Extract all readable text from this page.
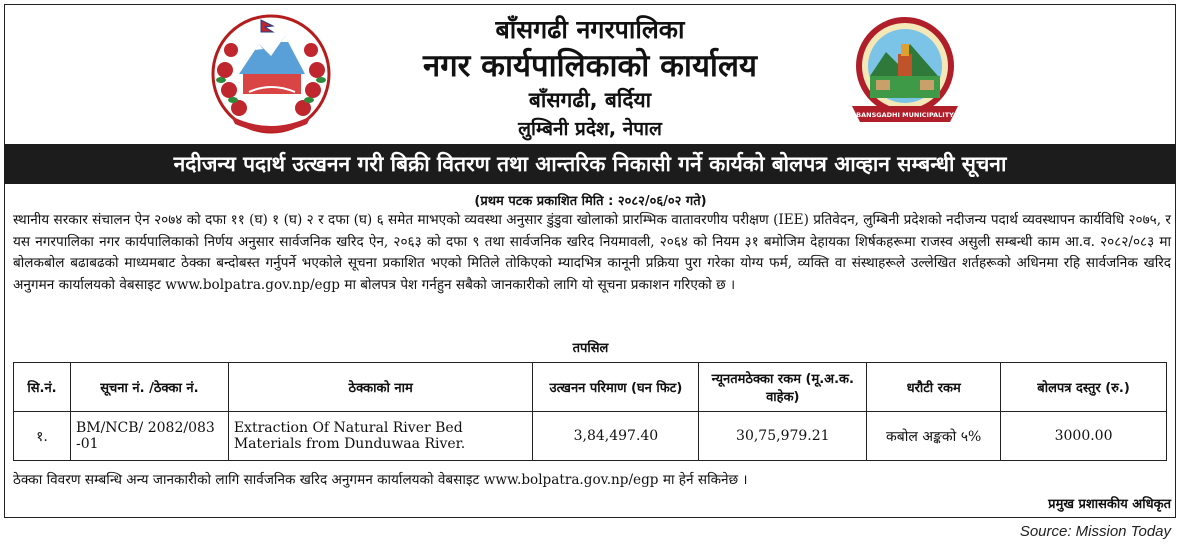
बाँसगढी नगरपालिका
नगर कार्यपालिकाको कार्यालय
बाँसगढी, बर्दिया
लुम्बिनी प्रदेश, नेपाल
BANSGADHI MUNICIPALITY
नदीजन्य पदार्थ उत्खनन गरी बिक्री वितरण तथा आन्तरिक निकासी गर्ने कार्यको बोलपत्र आव्हान सम्बन्धी सूचना
(प्रथम पटक प्रकाशित मिति : २०८२/०६/०२ गते)
स्थानीय सरकार संचालन ऐन २०७४ को दफा ११ (घ) १ (घ) २ र दफा (घ) ६ समेत माभएको व्यवस्था अनुसार डुंडुवा खोलाको प्रारम्भिक वातावरणीय परीक्षण (IEE) प्रतिवेदन, लुम्बिनी प्रदेशको नदीजन्य पदार्थ व्यवस्थापन कार्यविधि २०७५, र यस नगरपालिका नगर कार्यपालिकाको निर्णय अनुसार सार्वजनिक खरिद ऐन, २०६३ को दफा ९ तथा सार्वजनिक खरिद नियमावली, २०६४ को नियम ३१ बमोजिम देहायका शिर्षकहरूमा राजस्व असुली सम्बन्धी काम आ.व. २०८२/०८३ मा बोलकबोल बढाबढको माध्यमबाट ठेक्का बन्दोबस्त गर्नुपर्ने भएकोले सूचना प्रकाशित भएको मितिले तोकिएको म्यादभित्र कानूनी प्रक्रिया पुरा गरेका योग्य फर्म, व्यक्ति वा संस्थाहरूले उल्लेखित शर्तहरूको अधिनमा रहि सार्वजनिक खरिद अनुगमन कार्यालयको वेबसाइट www.bolpatra.gov.np/egp मा बोलपत्र पेश गर्नहुन सबैको जानकारीको लागि यो सूचना प्रकाशन गरिएको छ ।
तपसिल
सि.नं.	सूचना नं. /ठेक्का नं.	ठेक्काको नाम	उत्खनन परिमाण (घन फिट)	न्यूनतमठेक्का रकम (मू.अ.क. वाहेक)	धरौटी रकम	बोलपत्र दस्तुर (रु.)
१.	BM/NCB/ 2082/083 -01	Extraction Of Natural River Bed Materials from Dunduwaa River.	3,84,497.40	30,75,979.21	कबोल अङ्कको ५%	3000.00
ठेक्का विवरण सम्बन्धि अन्य जानकारीको लागि सार्वजनिक खरिद अनुगमन कार्यालयको वेबसाइट www.bolpatra.gov.np/egp मा हेर्न सकिनेछ ।
प्रमुख प्रशासकीय अधिकृत
Source: Mission Today
